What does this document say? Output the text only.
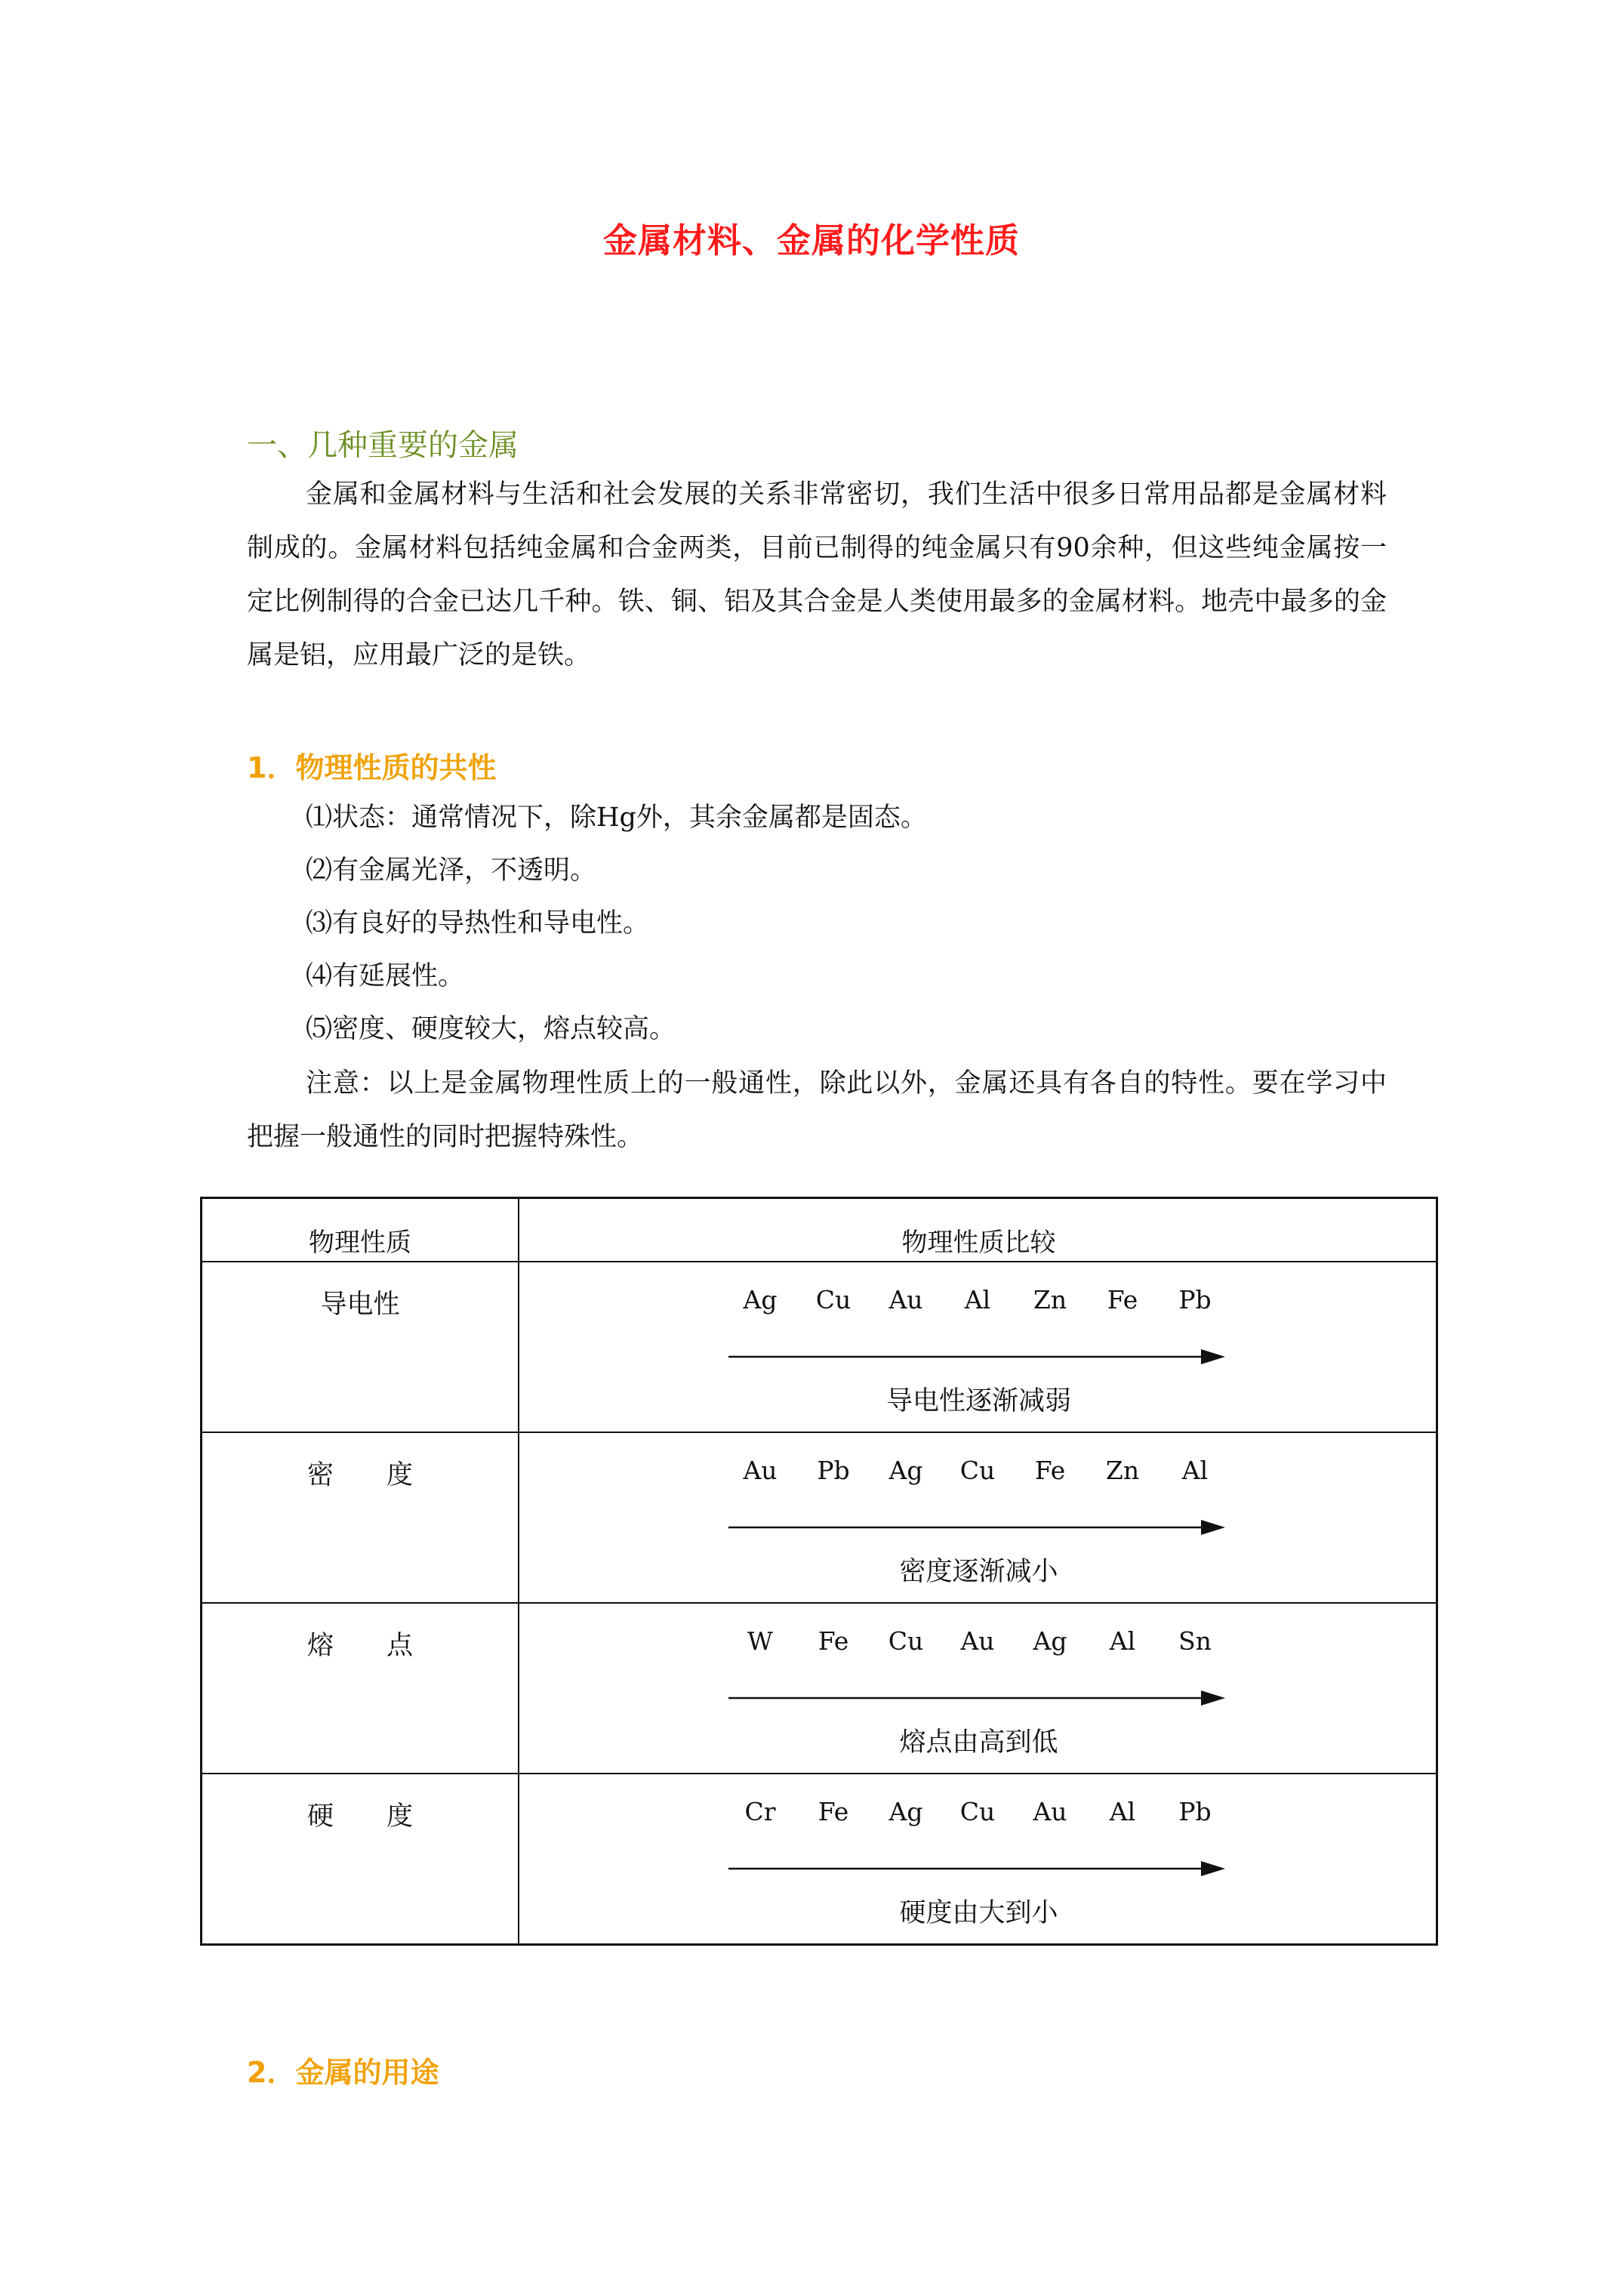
金属材料、金属的化学性质
一、几种重要的金属
金属和金属材料与生活和社会发展的关系非常密切，我们生活中很多日常用品都是金属材料制成的。金属材料包括纯金属和合金两类，目前已制得的纯金属只有90余种，但这些纯金属按一定比例制得的合金已达几千种。铁、铜、铝及其合金是人类使用最多的金属材料。地壳中最多的金属是铝，应用最广泛的是铁。
1．物理性质的共性
⑴状态：通常情况下，除Hg外，其余金属都是固态。
⑵有金属光泽，不透明。
⑶有良好的导热性和导电性。
⑷有延展性。
⑸密度、硬度较大，熔点较高。
注意：以上是金属物理性质上的一般通性，除此以外，金属还具有各自的特性。要在学习中把握一般通性的同时把握特殊性。
物理性质	物理性质比较
导电性	Ag	Cu	Au	Al	Zn	Fe	Pb
导电性逐渐减弱
密　　度	Au	Pb	Ag	Cu	Fe	Zn	Al
密度逐渐减小
熔　　点	W	Fe	Cu	Au	Ag	Al	Sn
熔点由高到低
硬　　度	Cr	Fe	Ag	Cu	Au	Al	Pb
硬度由大到小
2．金属的用途
